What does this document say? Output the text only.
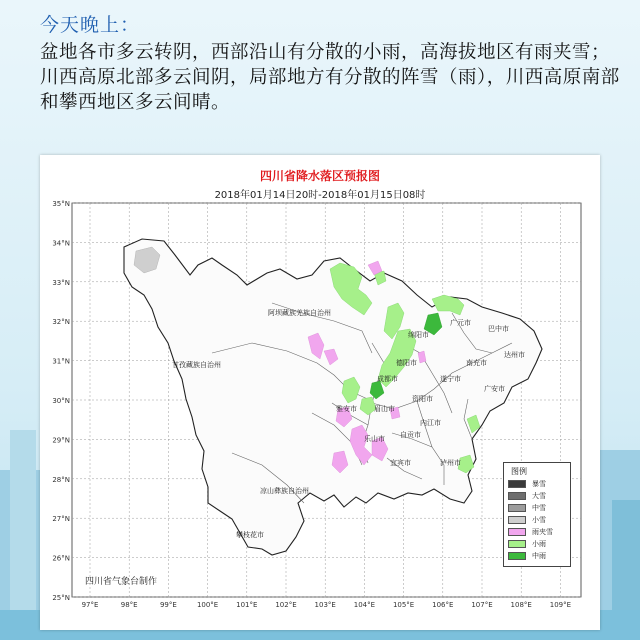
今天晚上：
盆地各市多云转阴，西部沿山有分散的小雨，高海拔地区有雨夹雪；川西高原北部多云间阴，局部地方有分散的阵雪（雨），川西高原南部和攀西地区多云间晴。
四川省降水落区预报图
2018年01月14日20时-2018年01月15日08时
35°N
34°N
33°N
32°N
31°N
30°N
29°N
28°N
27°N
26°N
25°N
97°E	98°E	99°E	100°E	101°E	102°E	103°E	104°E	105°E	106°E	107°E	108°E	109°E
广元市
巴中市
绵阳市
达州市
南充市
德阳市
遂宁市
成都市
广安市
资阳市
眉山市
雅安市
乐山市
内江市
自贡市
宜宾市	泸州市
攀枝花市
阿坝藏族羌族自治州
甘孜藏族自治州
凉山彝族自治州
四川省气象台制作
图例
暴雪
大雪
中雪
小雪
雨夹雪
小雨
中雨
